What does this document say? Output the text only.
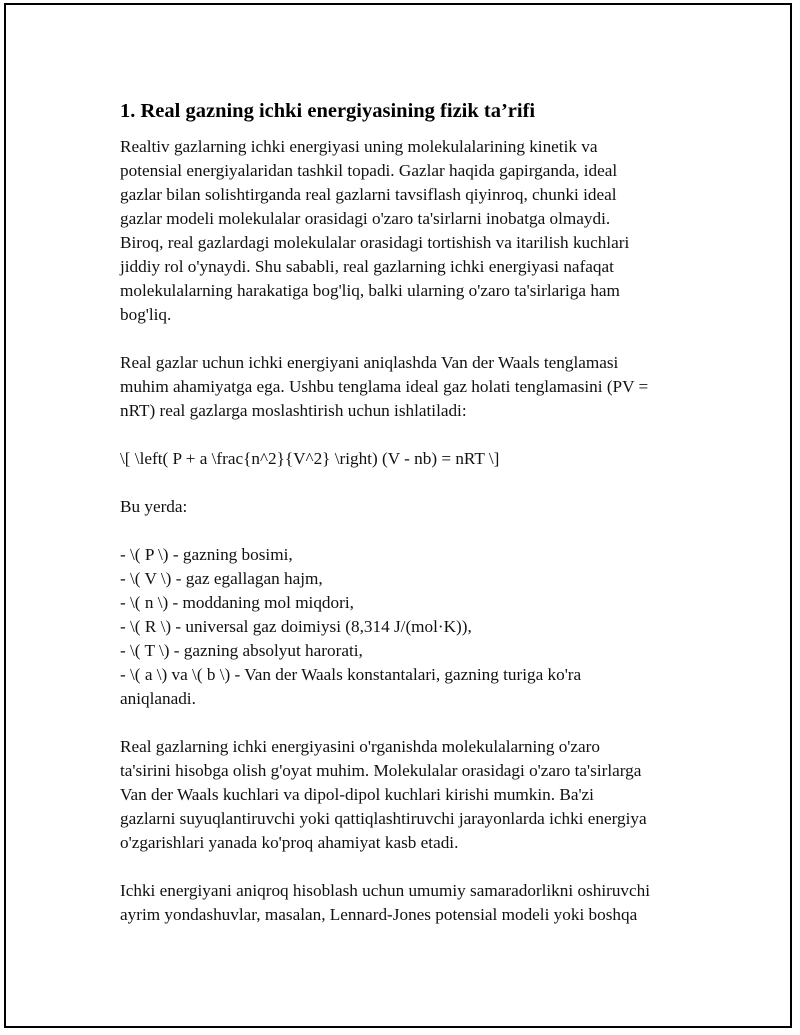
1. Real gazning ichki energiyasining fizik ta’rifi

Realtiv gazlarning ichki energiyasi uning molekulalarining kinetik va
potensial energiyalaridan tashkil topadi. Gazlar haqida gapirganda, ideal
gazlar bilan solishtirganda real gazlarni tavsiflash qiyinroq, chunki ideal
gazlar modeli molekulalar orasidagi o'zaro ta'sirlarni inobatga olmaydi.
Biroq, real gazlardagi molekulalar orasidagi tortishish va itarilish kuchlari
jiddiy rol o'ynaydi. Shu sababli, real gazlarning ichki energiyasi nafaqat
molekulalarning harakatiga bog'liq, balki ularning o'zaro ta'sirlariga ham
bog'liq.

Real gazlar uchun ichki energiyani aniqlashda Van der Waals tenglamasi
muhim ahamiyatga ega. Ushbu tenglama ideal gaz holati tenglamasini (PV =
nRT) real gazlarga moslashtirish uchun ishlatiladi:

\[ \left( P + a \frac{n^2}{V^2} \right) (V - nb) = nRT \]

Bu yerda:

- \( P \) - gazning bosimi,
- \( V \) - gaz egallagan hajm,
- \( n \) - moddaning mol miqdori,
- \( R \) - universal gaz doimiysi (8,314 J/(mol·K)),
- \( T \) - gazning absolyut harorati,
- \( a \) va \( b \) - Van der Waals konstantalari, gazning turiga ko'ra
aniqlanadi.

Real gazlarning ichki energiyasini o'rganishda molekulalarning o'zaro
ta'sirini hisobga olish g'oyat muhim. Molekulalar orasidagi o'zaro ta'sirlarga
Van der Waals kuchlari va dipol-dipol kuchlari kirishi mumkin. Ba'zi
gazlarni suyuqlantiruvchi yoki qattiqlashtiruvchi jarayonlarda ichki energiya
o'zgarishlari yanada ko'proq ahamiyat kasb etadi.

Ichki energiyani aniqroq hisoblash uchun umumiy samaradorlikni oshiruvchi
ayrim yondashuvlar, masalan, Lennard-Jones potensial modeli yoki boshqa
